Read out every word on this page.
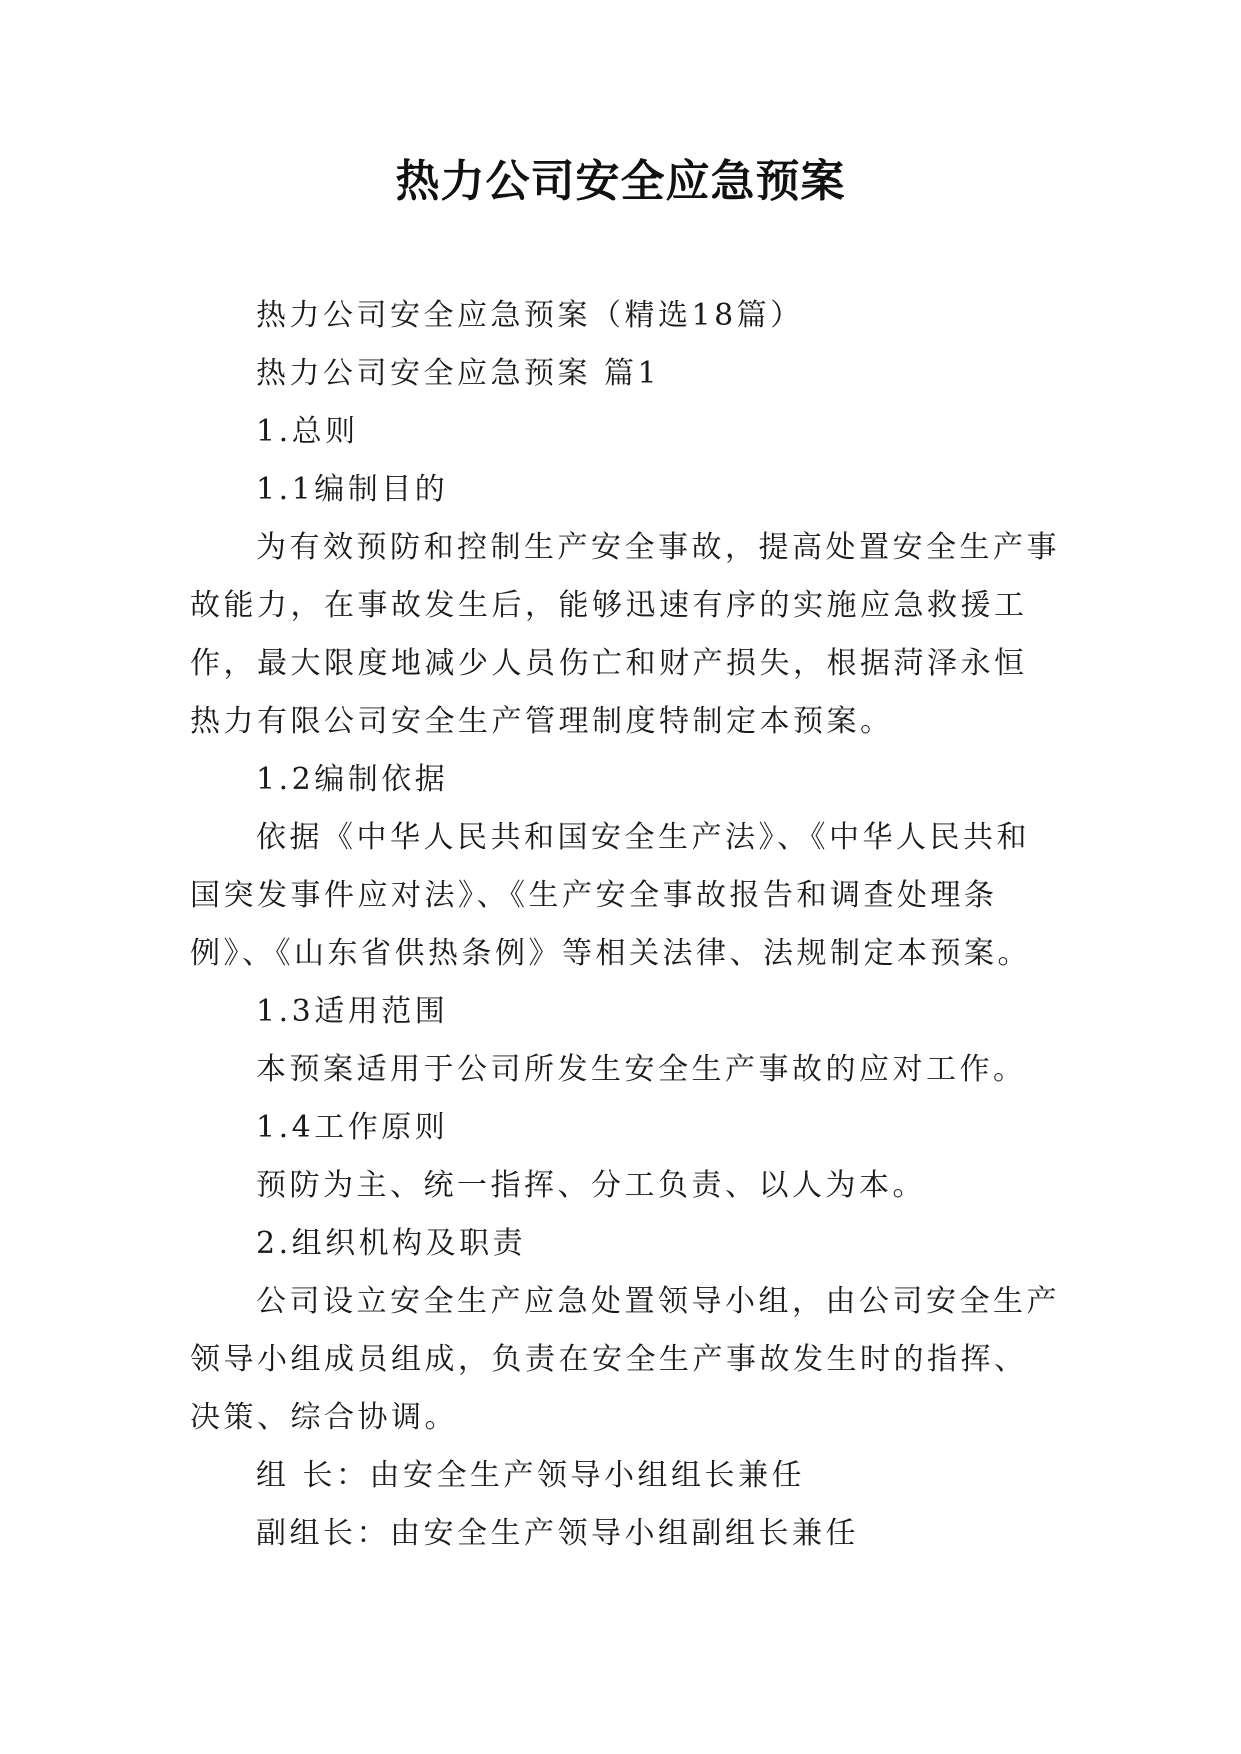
热力公司安全应急预案

热力公司安全应急预案（精选18篇）

热力公司安全应急预案 篇1

1.总则

1.1编制目的

为有效预防和控制生产安全事故，提高处置安全生产事故能力，在事故发生后，能够迅速有序的实施应急救援工作，最大限度地减少人员伤亡和财产损失，根据菏泽永恒热力有限公司安全生产管理制度特制定本预案。

1.2编制依据

依据《中华人民共和国安全生产法》、《中华人民共和国突发事件应对法》、《生产安全事故报告和调查处理条例》、《山东省供热条例》等相关法律、法规制定本预案。

1.3适用范围

本预案适用于公司所发生安全生产事故的应对工作。

1.4工作原则

预防为主、统一指挥、分工负责、以人为本。

2.组织机构及职责

公司设立安全生产应急处置领导小组，由公司安全生产领导小组成员组成，负责在安全生产事故发生时的指挥、决策、综合协调。

组 长：由安全生产领导小组组长兼任

副组长：由安全生产领导小组副组长兼任
